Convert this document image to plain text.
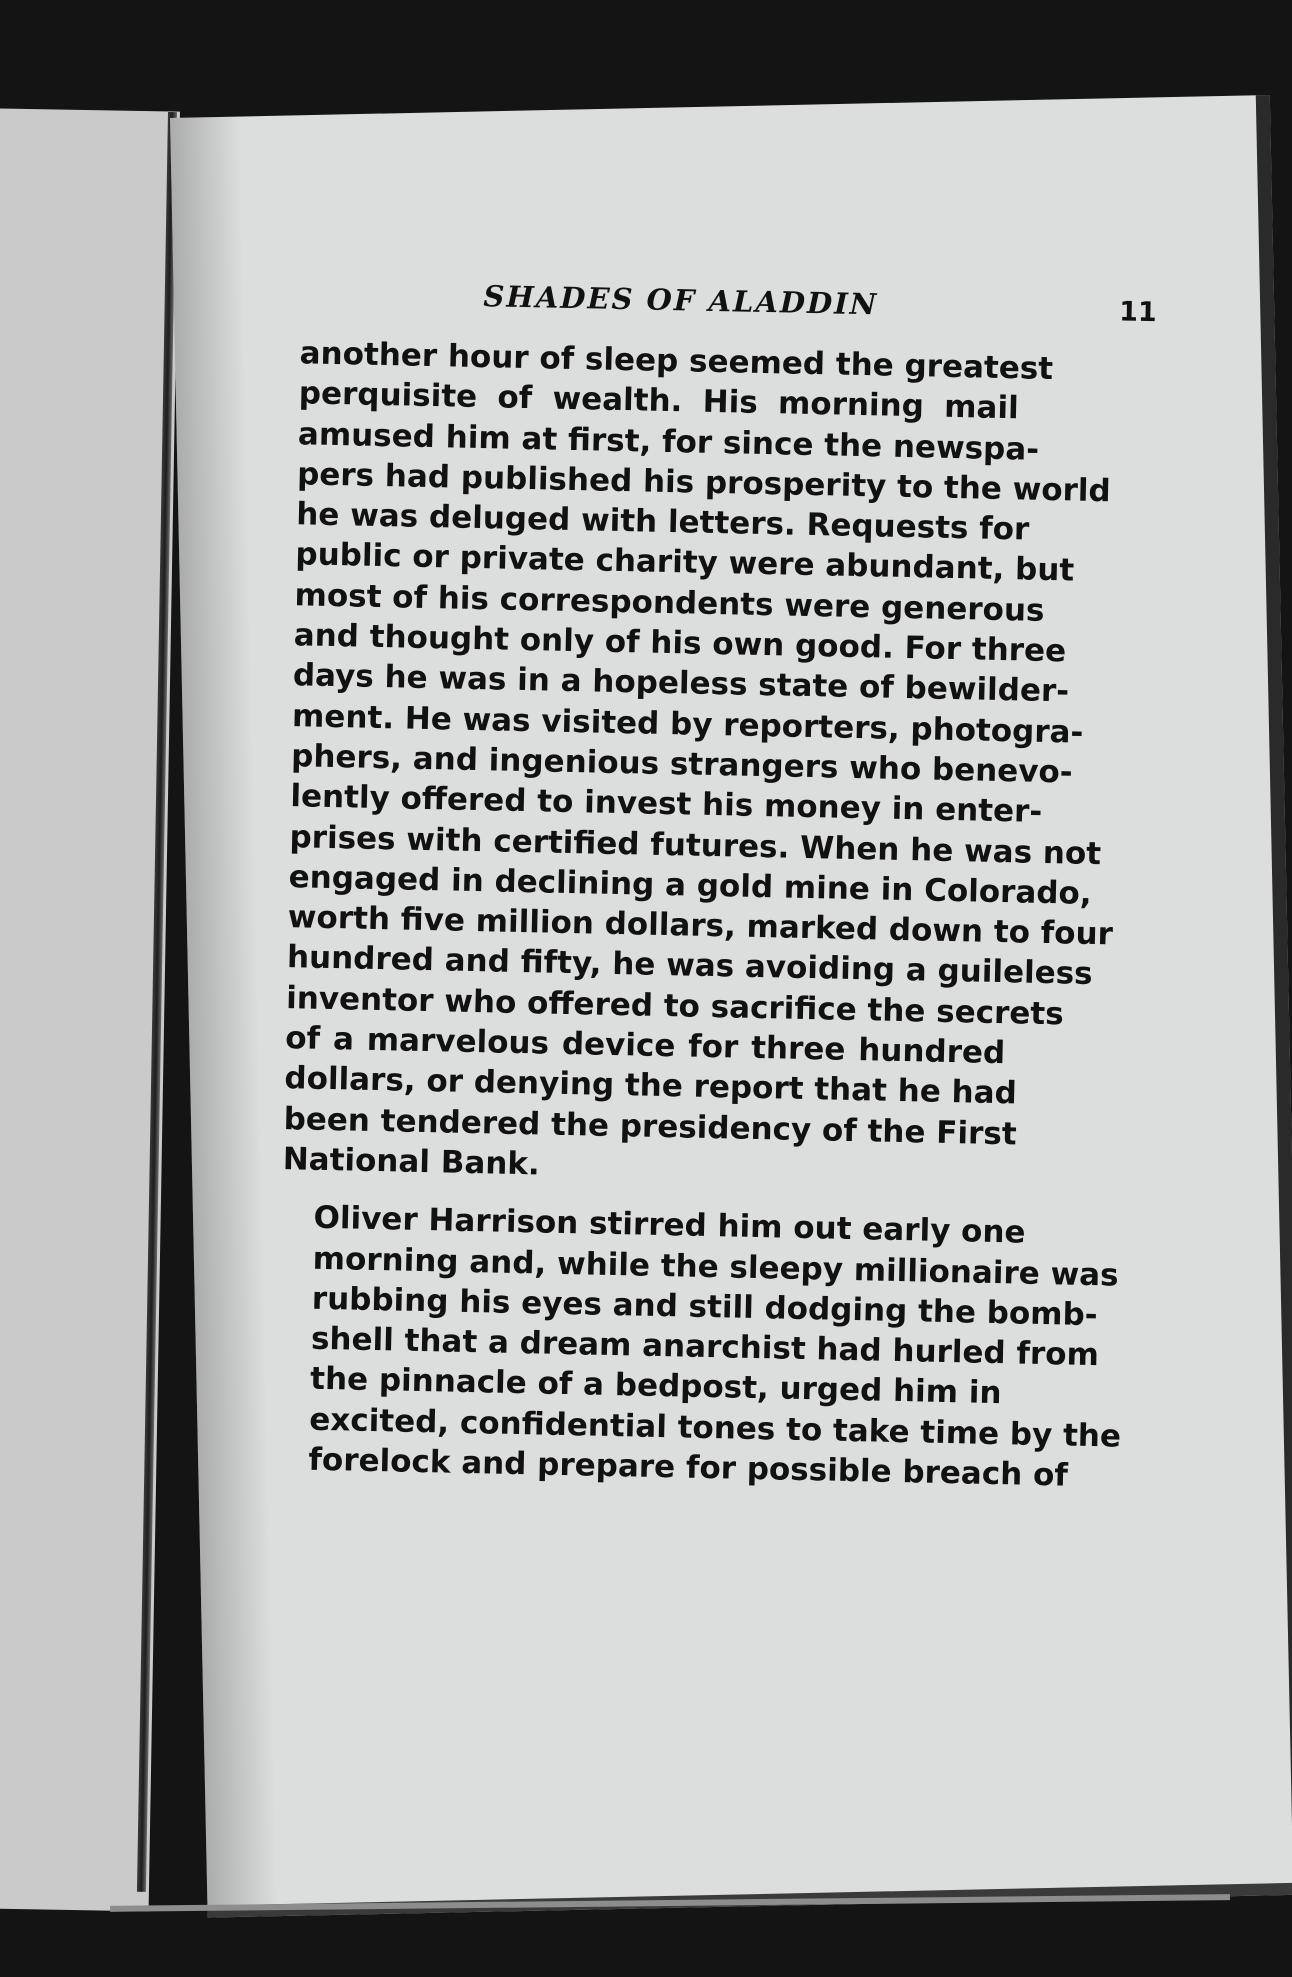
SHADES OF ALADDIN	11

another hour of sleep seemed the greatest
perquisite of wealth. His morning mail
amused him at first, for since the newspa-
pers had published his prosperity to the world
he was deluged with letters. Requests for
public or private charity were abundant, but
most of his correspondents were generous
and thought only of his own good. For three
days he was in a hopeless state of bewilder-
ment. He was visited by reporters, photogra-
phers, and ingenious strangers who benevo-
lently offered to invest his money in enter-
prises with certified futures. When he was not
engaged in declining a gold mine in Colorado,
worth five million dollars, marked down to four
hundred and fifty, he was avoiding a guileless
inventor who offered to sacrifice the secrets
of a marvelous device for three hundred
dollars, or denying the report that he had
been tendered the presidency of the First
National Bank.

Oliver Harrison stirred him out early one
morning and, while the sleepy millionaire was
rubbing his eyes and still dodging the bomb-
shell that a dream anarchist had hurled from
the pinnacle of a bedpost, urged him in
excited, confidential tones to take time by the
forelock and prepare for possible breach of
